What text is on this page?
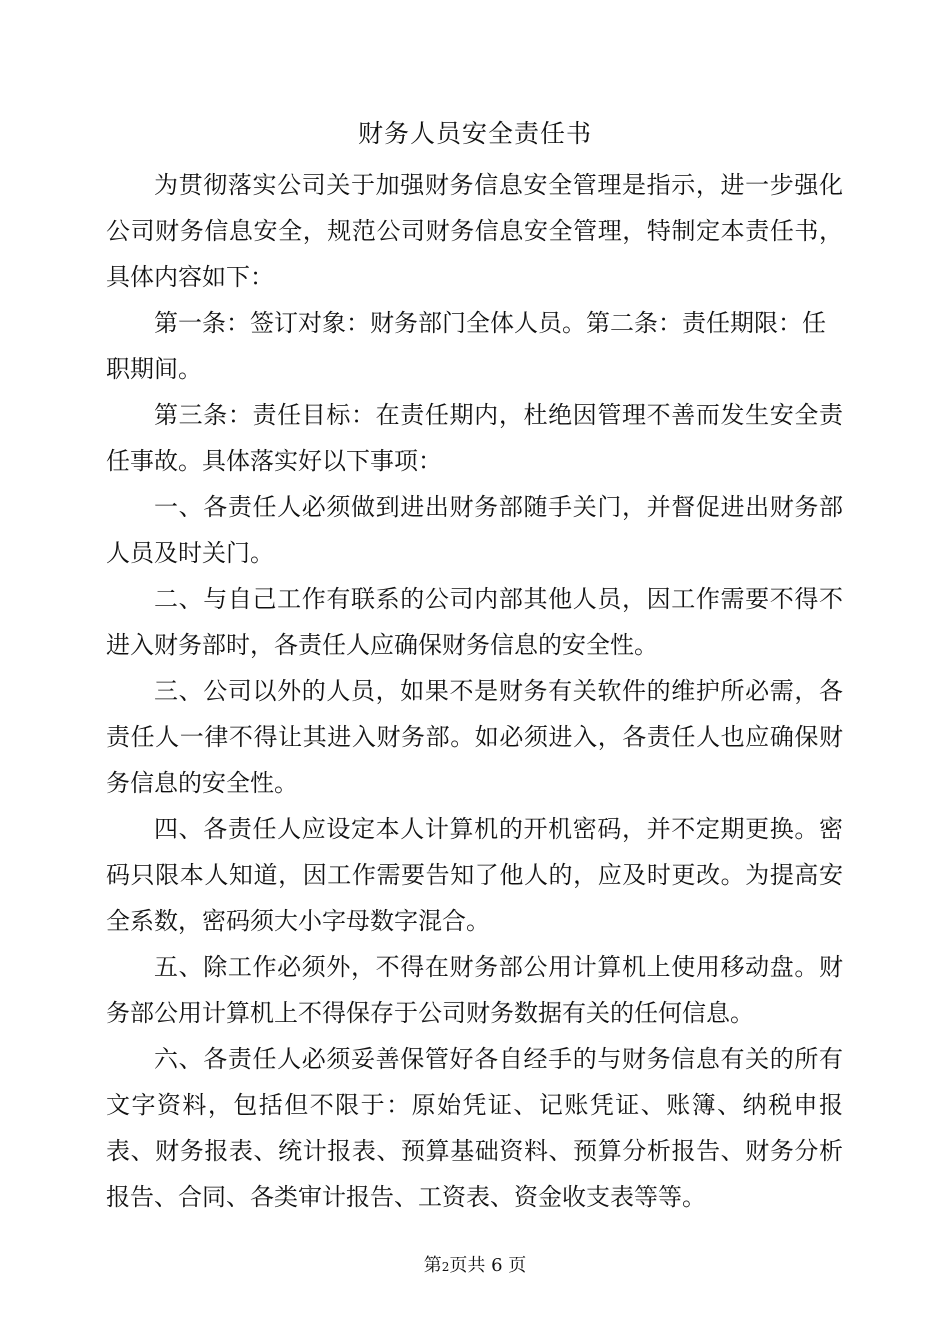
财务人员安全责任书

为贯彻落实公司关于加强财务信息安全管理是指示，进一步强化公司财务信息安全，规范公司财务信息安全管理，特制定本责任书，具体内容如下：

第一条：签订对象：财务部门全体人员。第二条：责任期限：任

职期间。

第三条：责任目标：在责任期内，杜绝因管理不善而发生安全责任事故。具体落实好以下事项：

一、各责任人必须做到进出财务部随手关门，并督促进出财务部人员及时关门。

二、与自己工作有联系的公司内部其他人员，因工作需要不得不进入财务部时，各责任人应确保财务信息的安全性。

三、公司以外的人员，如果不是财务有关软件的维护所必需，各责任人一律不得让其进入财务部。如必须进入，各责任人也应确保财务信息的安全性。

四、各责任人应设定本人计算机的开机密码，并不定期更换。密码只限本人知道，因工作需要告知了他人的，应及时更改。为提高安全系数，密码须大小字母数字混合。

五、除工作必须外，不得在财务部公用计算机上使用移动盘。财务部公用计算机上不得保存于公司财务数据有关的任何信息。

六、各责任人必须妥善保管好各自经手的与财务信息有关的所有文字资料，包括但不限于：原始凭证、记账凭证、账簿、纳税申报表、财务报表、统计报表、预算基础资料、预算分析报告、财务分析报告、合同、各类审计报告、工资表、资金收支表等等。

第2页共 6 页
